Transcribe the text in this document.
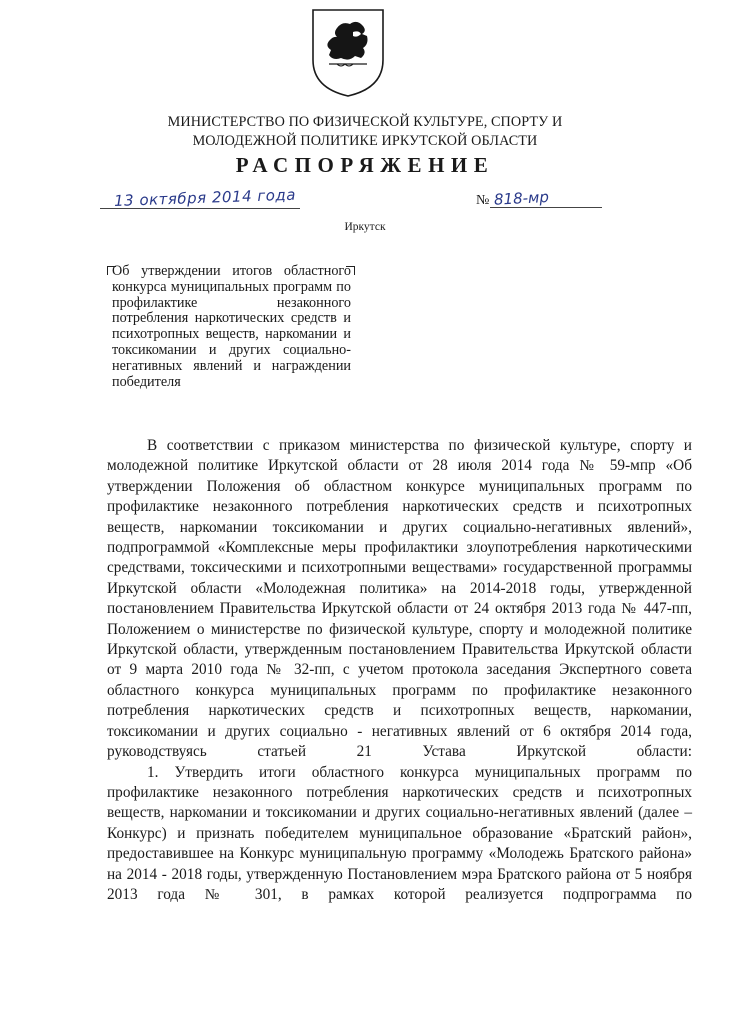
МИНИСТЕРСТВО ПО ФИЗИЧЕСКОЙ КУЛЬТУРЕ, СПОРТУ И
МОЛОДЕЖНОЙ ПОЛИТИКЕ ИРКУТСКОЙ ОБЛАСТИ
РАСПОРЯЖЕНИЕ
13 октября 2014 года	№ 818-мр
Иркутск

Об утверждении итогов областного конкурса муниципальных программ по профилактике незаконного потребления наркотических средств и психотропных веществ, наркомании и токсикомании и других социально-негативных явлений и награждении победителя

В соответствии с приказом министерства по физической культуре, спорту и молодежной политике Иркутской области от 28 июля 2014 года № 59-мпр «Об утверждении Положения об областном конкурсе муниципальных программ по профилактике незаконного потребления наркотических средств и психотропных веществ, наркомании токсикомании и других социально-негативных явлений», подпрограммой «Комплексные меры профилактики злоупотребления наркотическими средствами, токсическими и психотропными веществами» государственной программы Иркутской области «Молодежная политика» на 2014-2018 годы, утвержденной постановлением Правительства Иркутской области от 24 октября 2013 года № 447-пп, Положением о министерстве по физической культуре, спорту и молодежной политике Иркутской области, утвержденным постановлением Правительства Иркутской области от 9 марта 2010 года № 32-пп, с учетом протокола заседания Экспертного совета областного конкурса муниципальных программ по профилактике незаконного потребления наркотических средств и психотропных веществ, наркомании, токсикомании и других социально - негативных явлений от 6 октября 2014 года, руководствуясь статьей 21 Устава Иркутской области:

1. Утвердить итоги областного конкурса муниципальных программ по профилактике незаконного потребления наркотических средств и психотропных веществ, наркомании и токсикомании и других социально-негативных явлений (далее – Конкурс) и признать победителем муниципальное образование «Братский район», предоставившее на Конкурс муниципальную программу «Молодежь Братского района» на 2014 - 2018 годы, утвержденную Постановлением мэра Братского района от 5 ноября 2013 года № 301, в рамках которой реализуется подпрограмма по
